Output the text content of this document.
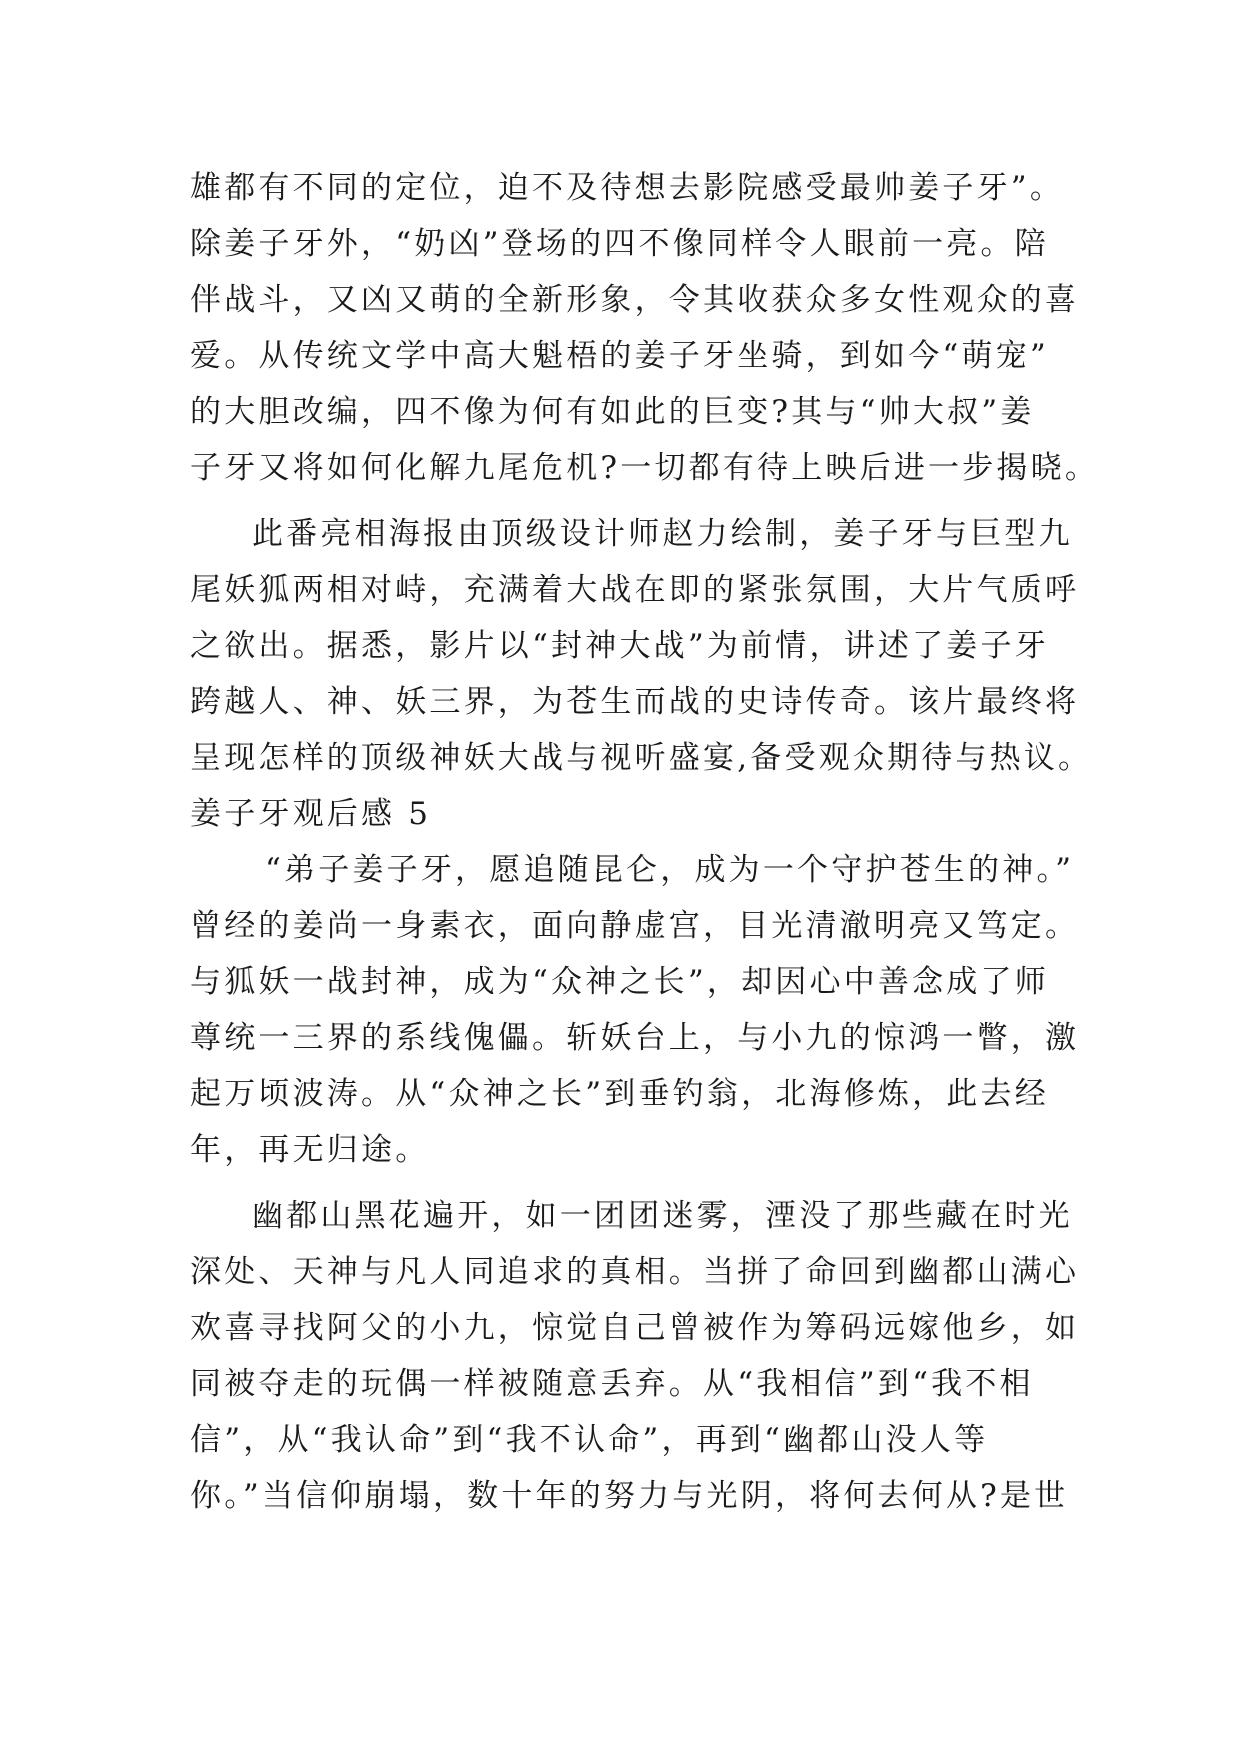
雄都有不同的定位，迫不及待想去影院感受最帅姜子牙”。
除姜子牙外，“奶凶”登场的四不像同样令人眼前一亮。陪
伴战斗，又凶又萌的全新形象，令其收获众多女性观众的喜
爱。从传统文学中高大魁梧的姜子牙坐骑，到如今“萌宠”
的大胆改编，四不像为何有如此的巨变?其与“帅大叔”姜
子牙又将如何化解九尾危机?一切都有待上映后进一步揭晓。
此番亮相海报由顶级设计师赵力绘制，姜子牙与巨型九
尾妖狐两相对峙，充满着大战在即的紧张氛围，大片气质呼
之欲出。据悉，影片以“封神大战”为前情，讲述了姜子牙
跨越人、神、妖三界，为苍生而战的史诗传奇。该片最终将
呈现怎样的顶级神妖大战与视听盛宴,备受观众期待与热议。
姜子牙观后感 5
“弟子姜子牙，愿追随昆仑，成为一个守护苍生的神。”
曾经的姜尚一身素衣，面向静虚宫，目光清澈明亮又笃定。
与狐妖一战封神，成为“众神之长”，却因心中善念成了师
尊统一三界的系线傀儡。斩妖台上，与小九的惊鸿一瞥，激
起万顷波涛。从“众神之长”到垂钓翁，北海修炼，此去经
年，再无归途。
幽都山黑花遍开，如一团团迷雾，湮没了那些藏在时光
深处、天神与凡人同追求的真相。当拼了命回到幽都山满心
欢喜寻找阿父的小九，惊觉自己曾被作为筹码远嫁他乡，如
同被夺走的玩偶一样被随意丢弃。从“我相信”到“我不相
信”，从“我认命”到“我不认命”，再到“幽都山没人等
你。”当信仰崩塌，数十年的努力与光阴，将何去何从?是世
